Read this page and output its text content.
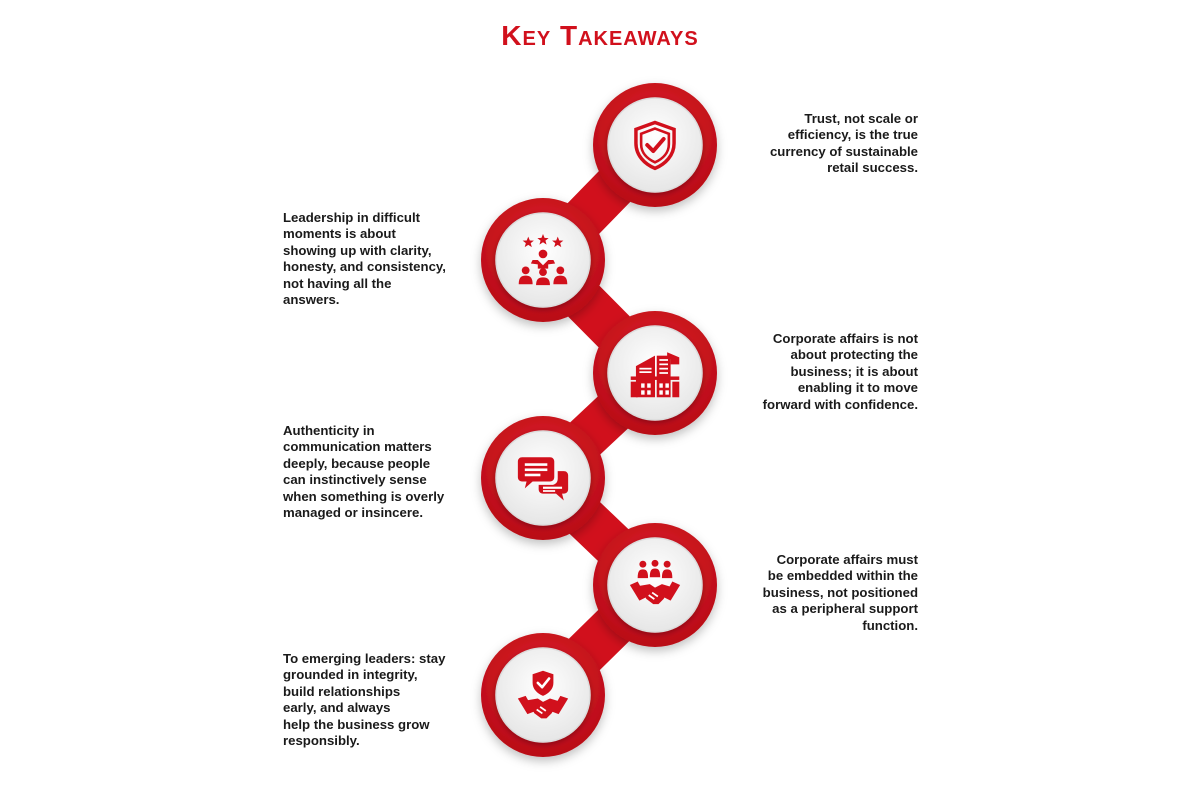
Key Takeaways
Trust, not scale or
efficiency, is the true
currency of sustainable
retail success.
Leadership in difficult
moments is about
showing up with clarity,
honesty, and consistency,
not having all the
answers.
Corporate affairs is not
about protecting the
business; it is about
enabling it to move
forward with confidence.
Authenticity in
communication matters
deeply, because people
can instinctively sense
when something is overly
managed or insincere.
Corporate affairs must
be embedded within the
business, not positioned
as a peripheral support
function.
To emerging leaders: stay
grounded in integrity,
build relationships
early, and always
help the business grow
responsibly.
